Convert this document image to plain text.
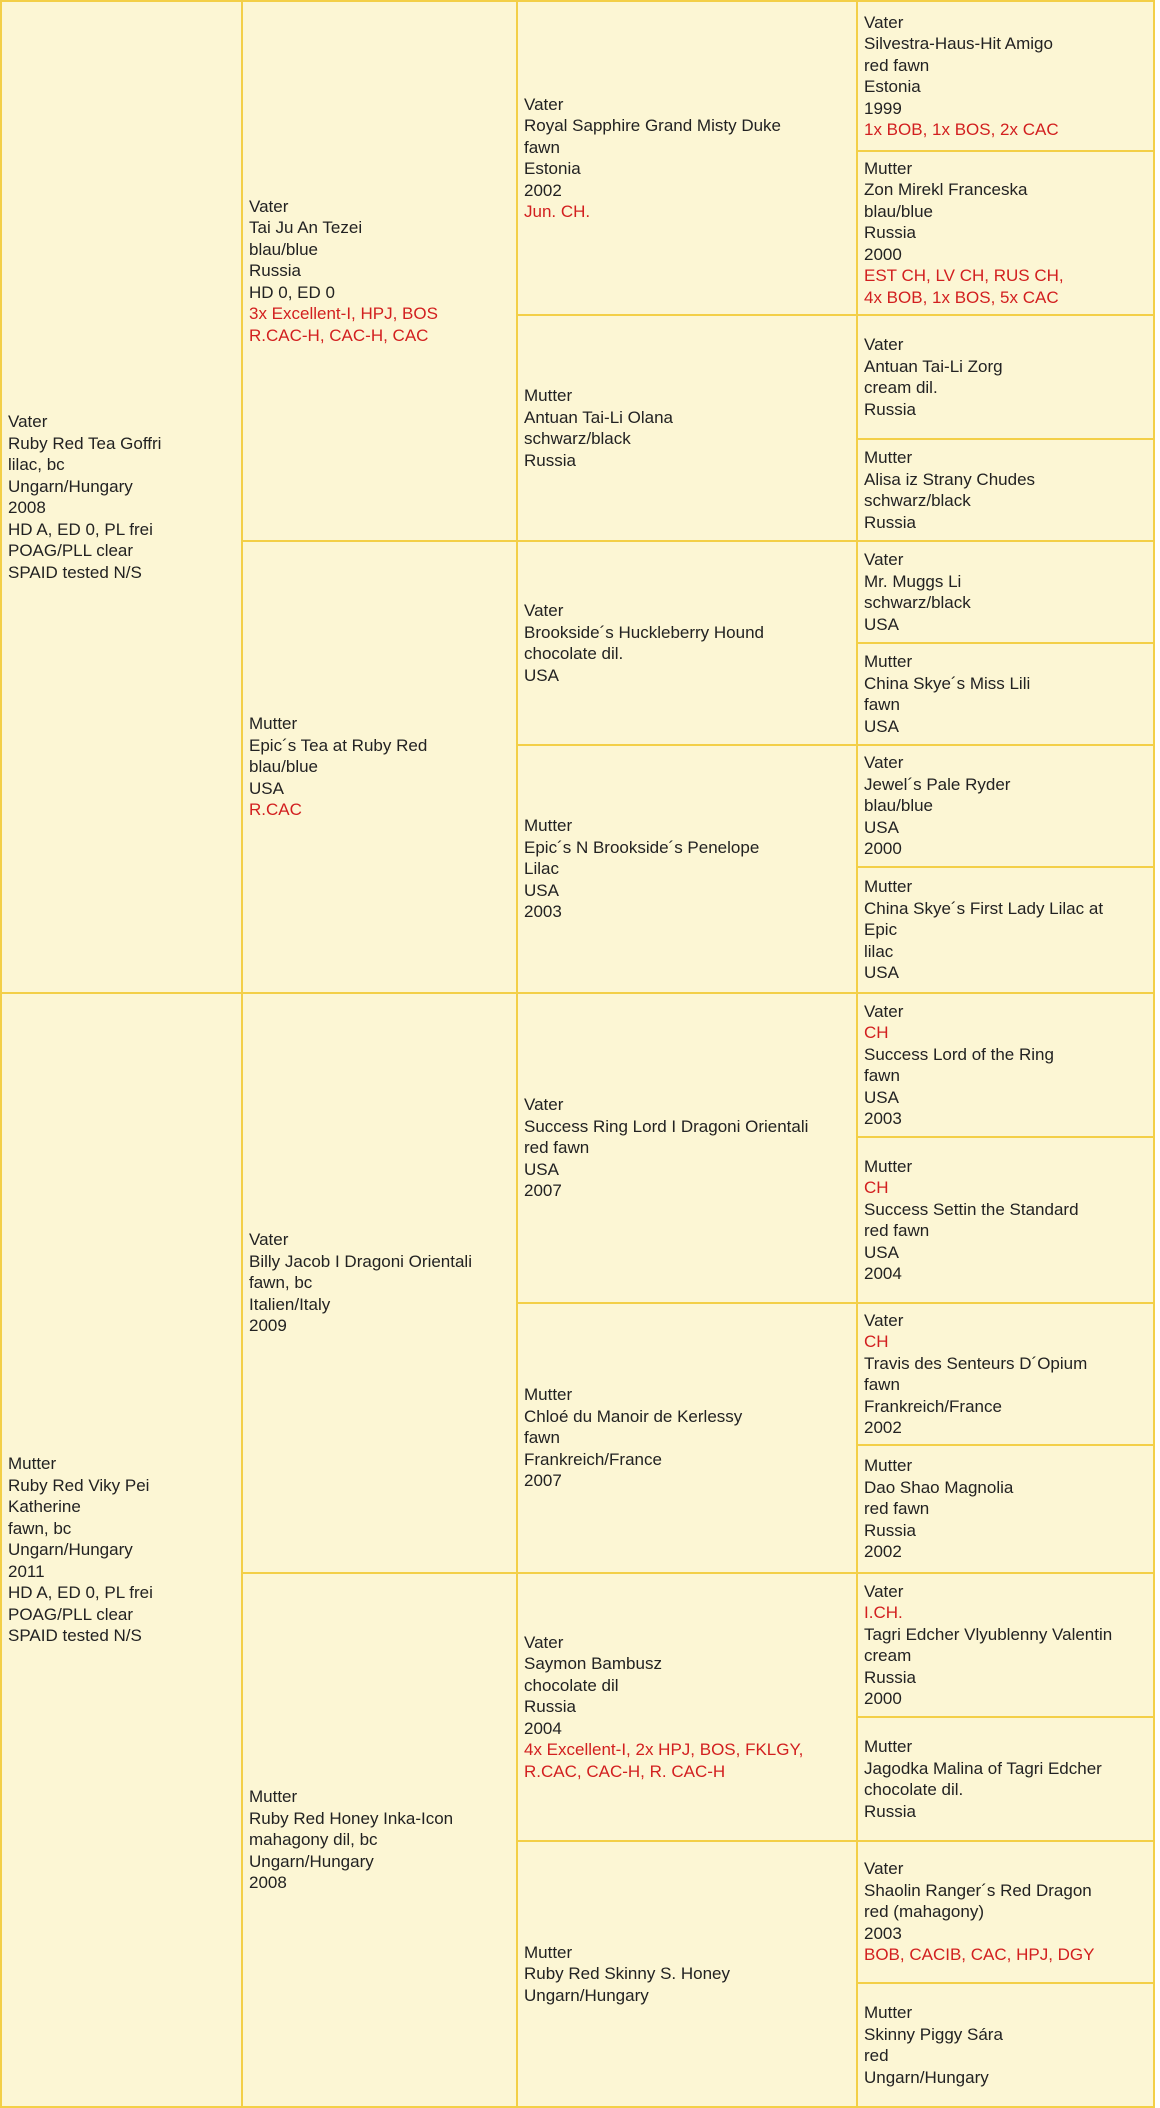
Vater
Ruby Red Tea Goffri
lilac, bc
Ungarn/Hungary
2008
HD A, ED 0, PL frei
POAG/PLL clear
SPAID tested N/S
Mutter
Ruby Red Viky Pei
Katherine
fawn, bc
Ungarn/Hungary
2011
HD A, ED 0, PL frei
POAG/PLL clear
SPAID tested N/S
Vater
Tai Ju An Tezei
blau/blue
Russia
HD 0, ED 0
3x Excellent-I, HPJ, BOS
R.CAC-H, CAC-H, CAC
Mutter
Epic´s Tea at Ruby Red
blau/blue
USA
R.CAC
Vater
Billy Jacob I Dragoni Orientali
fawn, bc
Italien/Italy
2009
Mutter
Ruby Red Honey Inka-Icon
mahagony dil, bc
Ungarn/Hungary
2008
Vater
Royal Sapphire Grand Misty Duke
fawn
Estonia
2002
Jun. CH.
Mutter
Antuan Tai-Li Olana
schwarz/black
Russia
Vater
Brookside´s Huckleberry Hound
chocolate dil.
USA
Mutter
Epic´s N Brookside´s Penelope
Lilac
USA
2003
Vater
Success Ring Lord I Dragoni Orientali
red fawn
USA
2007
Mutter
Chloé du Manoir de Kerlessy
fawn
Frankreich/France
2007
Vater
Saymon Bambusz
chocolate dil
Russia
2004
4x Excellent-I, 2x HPJ, BOS, FKLGY,
R.CAC, CAC-H, R. CAC-H
Mutter
Ruby Red Skinny S. Honey
Ungarn/Hungary
Vater
Silvestra-Haus-Hit Amigo
red fawn
Estonia
1999
1x BOB, 1x BOS, 2x CAC
Mutter
Zon Mirekl Franceska
blau/blue
Russia
2000
EST CH, LV CH, RUS CH,
4x BOB, 1x BOS, 5x CAC
Vater
Antuan Tai-Li Zorg
cream dil.
Russia
Mutter
Alisa iz Strany Chudes
schwarz/black
Russia
Vater
Mr. Muggs Li
schwarz/black
USA
Mutter
China Skye´s Miss Lili
fawn
USA
Vater
Jewel´s Pale Ryder
blau/blue
USA
2000
Mutter
China Skye´s First Lady Lilac at
Epic
lilac
USA
Vater
CH
Success Lord of the Ring
fawn
USA
2003
Mutter
CH
Success Settin the Standard
red fawn
USA
2004
Vater
CH
Travis des Senteurs D´Opium
fawn
Frankreich/France
2002
Mutter
Dao Shao Magnolia
red fawn
Russia
2002
Vater
I.CH.
Tagri Edcher Vlyublenny Valentin
cream
Russia
2000
Mutter
Jagodka Malina of Tagri Edcher
chocolate dil.
Russia
Vater
Shaolin Ranger´s Red Dragon
red (mahagony)
2003
BOB, CACIB, CAC, HPJ, DGY
Mutter
Skinny Piggy Sára
red
Ungarn/Hungary
